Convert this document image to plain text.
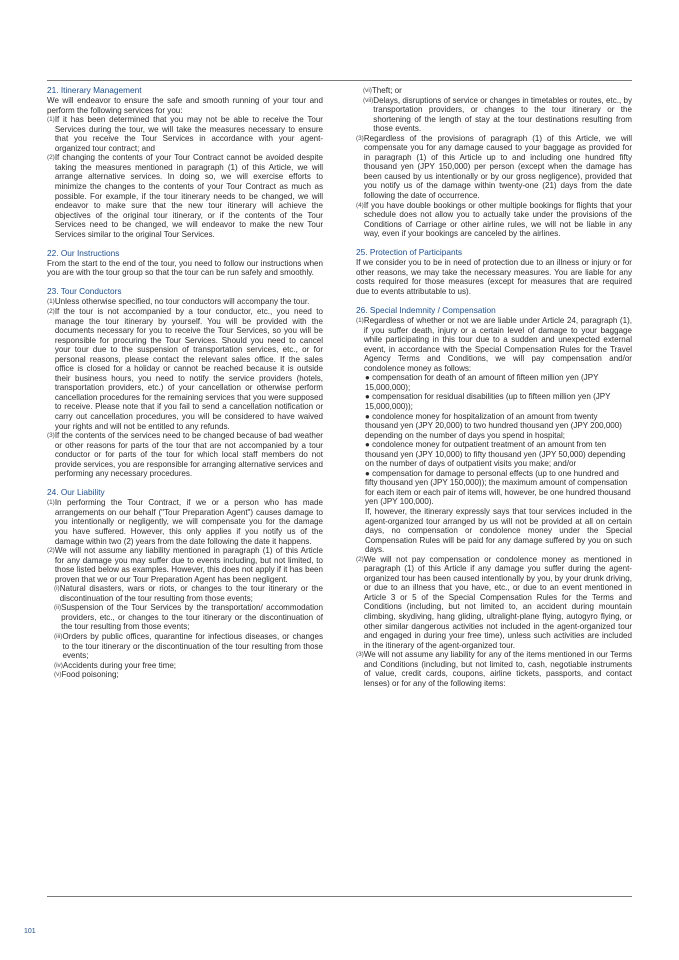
21. Itinerary Management

We will endeavor to ensure the safe and smooth running of your tour and perform the following services for you:

(1) If it has been determined that you may not be able to receive the Tour Services during the tour, we will take the measures necessary to ensure that you receive the Tour Services in accordance with your agent-organized tour contract; and
(2) If changing the contents of your Tour Contract cannot be avoided despite taking the measures mentioned in paragraph (1) of this Article, we will arrange alternative services. In doing so, we will exercise efforts to minimize the changes to the contents of your Tour Contract as much as possible. For example, if the tour itinerary needs to be changed, we will endeavor to make sure that the new tour itinerary will achieve the objectives of the original tour itinerary, or if the contents of the Tour Services need to be changed, we will endeavor to make the new Tour Services similar to the original Tour Services.
22. Our Instructions

From the start to the end of the tour, you need to follow our instructions when you are with the tour group so that the tour can be run safely and smoothly.

23. Tour Conductors
(1) Unless otherwise specified, no tour conductors will accompany the tour.
(2) If the tour is not accompanied by a tour conductor, etc., you need to manage the tour itinerary by yourself. You will be provided with the documents necessary for you to receive the Tour Services, so you will be responsible for procuring the Tour Services. Should you need to cancel your tour due to the suspension of transportation services, etc., or for personal reasons, please contact the relevant sales office. If the sales office is closed for a holiday or cannot be reached because it is outside their business hours, you need to notify the service providers (hotels, transportation providers, etc.) of your cancellation or otherwise perform cancellation procedures for the remaining services that you were supposed to receive. Please note that if you fail to send a cancellation notification or carry out cancellation procedures, you will be considered to have waived your rights and will not be entitled to any refunds.
(3) If the contents of the services need to be changed because of bad weather or other reasons for parts of the tour that are not accompanied by a tour conductor or for parts of the tour for which local staff members do not provide services, you are responsible for arranging alternative services and performing any necessary procedures.
24. Our Liability
(1) In performing the Tour Contract, if we or a person who has made arrangements on our behalf ("Tour Preparation Agent") causes damage to you intentionally or negligently, we will compensate you for the damage you have suffered. However, this only applies if you notify us of the damage within two (2) years from the date following the date it happens.
(2) We will not assume any liability mentioned in paragraph (1) of this Article for any damage you may suffer due to events including, but not limited, to those listed below as examples. However, this does not apply if it has been proven that we or our Tour Preparation Agent has been negligent.
(i) Natural disasters, wars or riots, or changes to the tour itinerary or the discontinuation of the tour resulting from those events;
(ii) Suspension of the Tour Services by the transportation/ accommodation providers, etc., or changes to the tour itinerary or the discontinuation of the tour resulting from those events;
(iii) Orders by public offices, quarantine for infectious diseases, or changes to the tour itinerary or the discontinuation of the tour resulting from those events;
(iv) Accidents during your free time;
(v) Food poisoning;
(vi) Theft; or
(vii) Delays, disruptions of service or changes in timetables or routes, etc., by transportation providers, or changes to the tour itinerary or the shortening of the length of stay at the tour destinations resulting from those events.
(3) Regardless of the provisions of paragraph (1) of this Article, we will compensate you for any damage caused to your baggage as provided for in paragraph (1) of this Article up to and including one hundred fifty thousand yen (JPY 150,000) per person (except when the damage has been caused by us intentionally or by our gross negligence), provided that you notify us of the damage within twenty-one (21) days from the date following the date of occurrence.
(4) If you have double bookings or other multiple bookings for flights that your schedule does not allow you to actually take under the provisions of the Conditions of Carriage or other airline rules, we will not be liable in any way, even if your bookings are canceled by the airlines.
25. Protection of Participants

If we consider you to be in need of protection due to an illness or injury or for other reasons, we may take the necessary measures. You are liable for any costs required for those measures (except for measures that are required due to events attributable to us).

26. Special Indemnity / Compensation
(1) Regardless of whether or not we are liable under Article 24, paragraph (1), if you suffer death, injury or a certain level of damage to your baggage while participating in this tour due to a sudden and unexpected external event, in accordance with the Special Compensation Rules for the Travel Agency Terms and Conditions, we will pay compensation and/or condolence money as follows:
● compensation for death of an amount of fifteen million yen (JPY 15,000,000);
● compensation for residual disabilities (up to fifteen million yen (JPY 15,000,000));
● condolence money for hospitalization of an amount from twenty thousand yen (JPY 20,000) to two hundred thousand yen (JPY 200,000) depending on the number of days you spend in hospital;
● condolence money for outpatient treatment of an amount from ten thousand yen (JPY 10,000) to fifty thousand yen (JPY 50,000) depending on the number of days of outpatient visits you make; and/or
● compensation for damage to personal effects (up to one hundred and fifty thousand yen (JPY 150,000)); the maximum amount of compensation for each item or each pair of items will, however, be one hundred thousand yen (JPY 100,000).
If, however, the itinerary expressly says that tour services included in the agent-organized tour arranged by us will not be provided at all on certain days, no compensation or condolence money under the Special Compensation Rules will be paid for any damage suffered by you on such days.
(2) We will not pay compensation or condolence money as mentioned in paragraph (1) of this Article if any damage you suffer during the agent-organized tour has been caused intentionally by you, by your drunk driving, or due to an illness that you have, etc., or due to an event mentioned in Article 3 or 5 of the Special Compensation Rules for the Terms and Conditions (including, but not limited to, an accident during mountain climbing, skydiving, hang gliding, ultralight-plane flying, autogyro flying, or other similar dangerous activities not included in the agent-organized tour and engaged in during your free time), unless such activities are included in the itinerary of the agent-organized tour.
(3) We will not assume any liability for any of the items mentioned in our Terms and Conditions (including, but not limited to, cash, negotiable instruments of value, credit cards, coupons, airline tickets, passports, and contact lenses) or for any of the following items:
101
